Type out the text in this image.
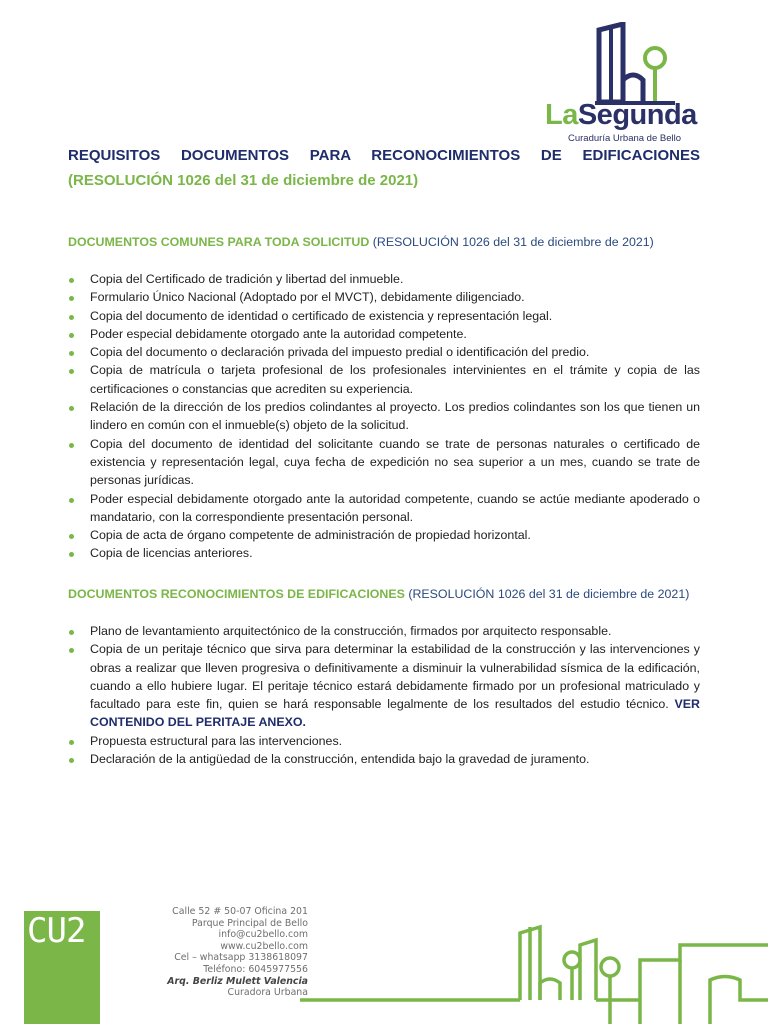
LaSegunda
Curaduría Urbana de Bello
REQUISITOS DOCUMENTOS PARA RECONOCIMIENTOS DE EDIFICACIONES
(RESOLUCIÓN 1026 del 31 de diciembre de 2021)
DOCUMENTOS COMUNES PARA TODA SOLICITUD (RESOLUCIÓN 1026 del 31 de diciembre de 2021)
Copia del Certificado de tradición y libertad del inmueble.
Formulario Único Nacional (Adoptado por el MVCT), debidamente diligenciado.
Copia del documento de identidad o certificado de existencia y representación legal.
Poder especial debidamente otorgado ante la autoridad competente.
Copia del documento o declaración privada del impuesto predial o identificación del predio.
Copia de matrícula o tarjeta profesional de los profesionales intervinientes en el trámite y copia de las certificaciones o constancias que acrediten su experiencia.
Relación de la dirección de los predios colindantes al proyecto. Los predios colindantes son los que tienen un lindero en común con el inmueble(s) objeto de la solicitud.
Copia del documento de identidad del solicitante cuando se trate de personas naturales o certificado de existencia y representación legal, cuya fecha de expedición no sea superior a un mes, cuando se trate de personas jurídicas.
Poder especial debidamente otorgado ante la autoridad competente, cuando se actúe mediante apoderado o mandatario, con la correspondiente presentación personal.
Copia de acta de órgano competente de administración de propiedad horizontal.
Copia de licencias anteriores.
DOCUMENTOS RECONOCIMIENTOS DE EDIFICACIONES (RESOLUCIÓN 1026 del 31 de diciembre de 2021)
Plano de levantamiento arquitectónico de la construcción, firmados por arquitecto responsable.
Copia de un peritaje técnico que sirva para determinar la estabilidad de la construcción y las intervenciones y obras a realizar que lleven progresiva o definitivamente a disminuir la vulnerabilidad sísmica de la edificación, cuando a ello hubiere lugar. El peritaje técnico estará debidamente firmado por un profesional matriculado y facultado para este fin, quien se hará responsable legalmente de los resultados del estudio técnico. VER CONTENIDO DEL PERITAJE ANEXO.
Propuesta estructural para las intervenciones.
Declaración de la antigüedad de la construcción, entendida bajo la gravedad de juramento.
CU2	Calle 52 # 50-07 Oficina 201
Parque Principal de Bello
info@cu2bello.com
www.cu2bello.com
Cel – whatsapp 3138618097
Teléfono: 6045977556
Arq. Berliz Mulett Valencia
Curadora Urbana
